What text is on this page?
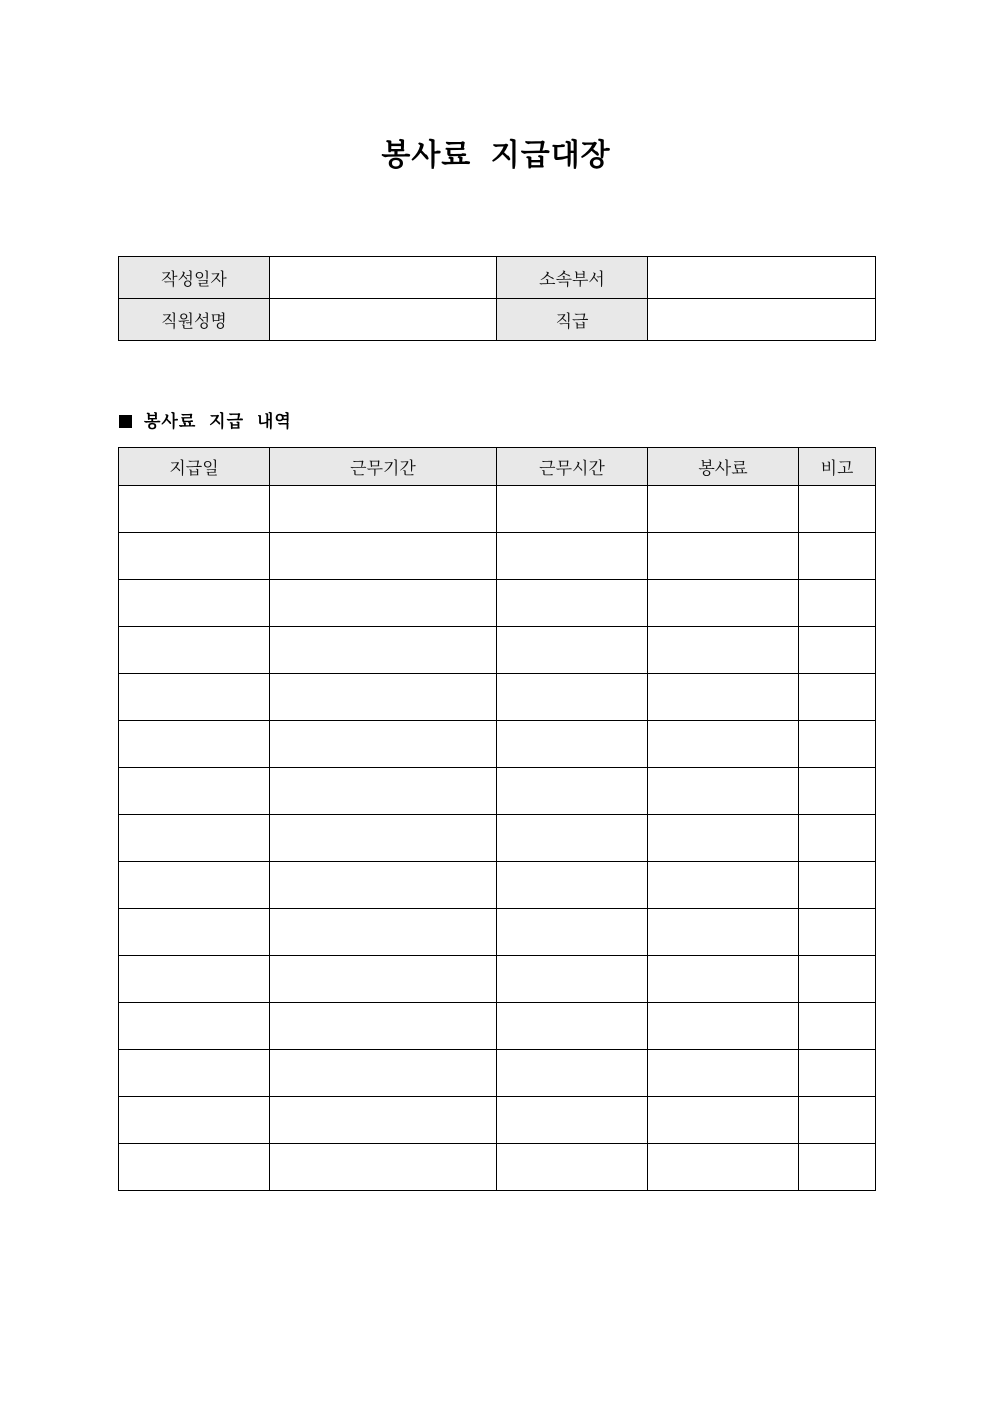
봉사료 지급대장
작성일자		소속부서	
직원성명		직급	
봉사료 지급 내역
지급일	근무기간	근무시간	봉사료	비고
